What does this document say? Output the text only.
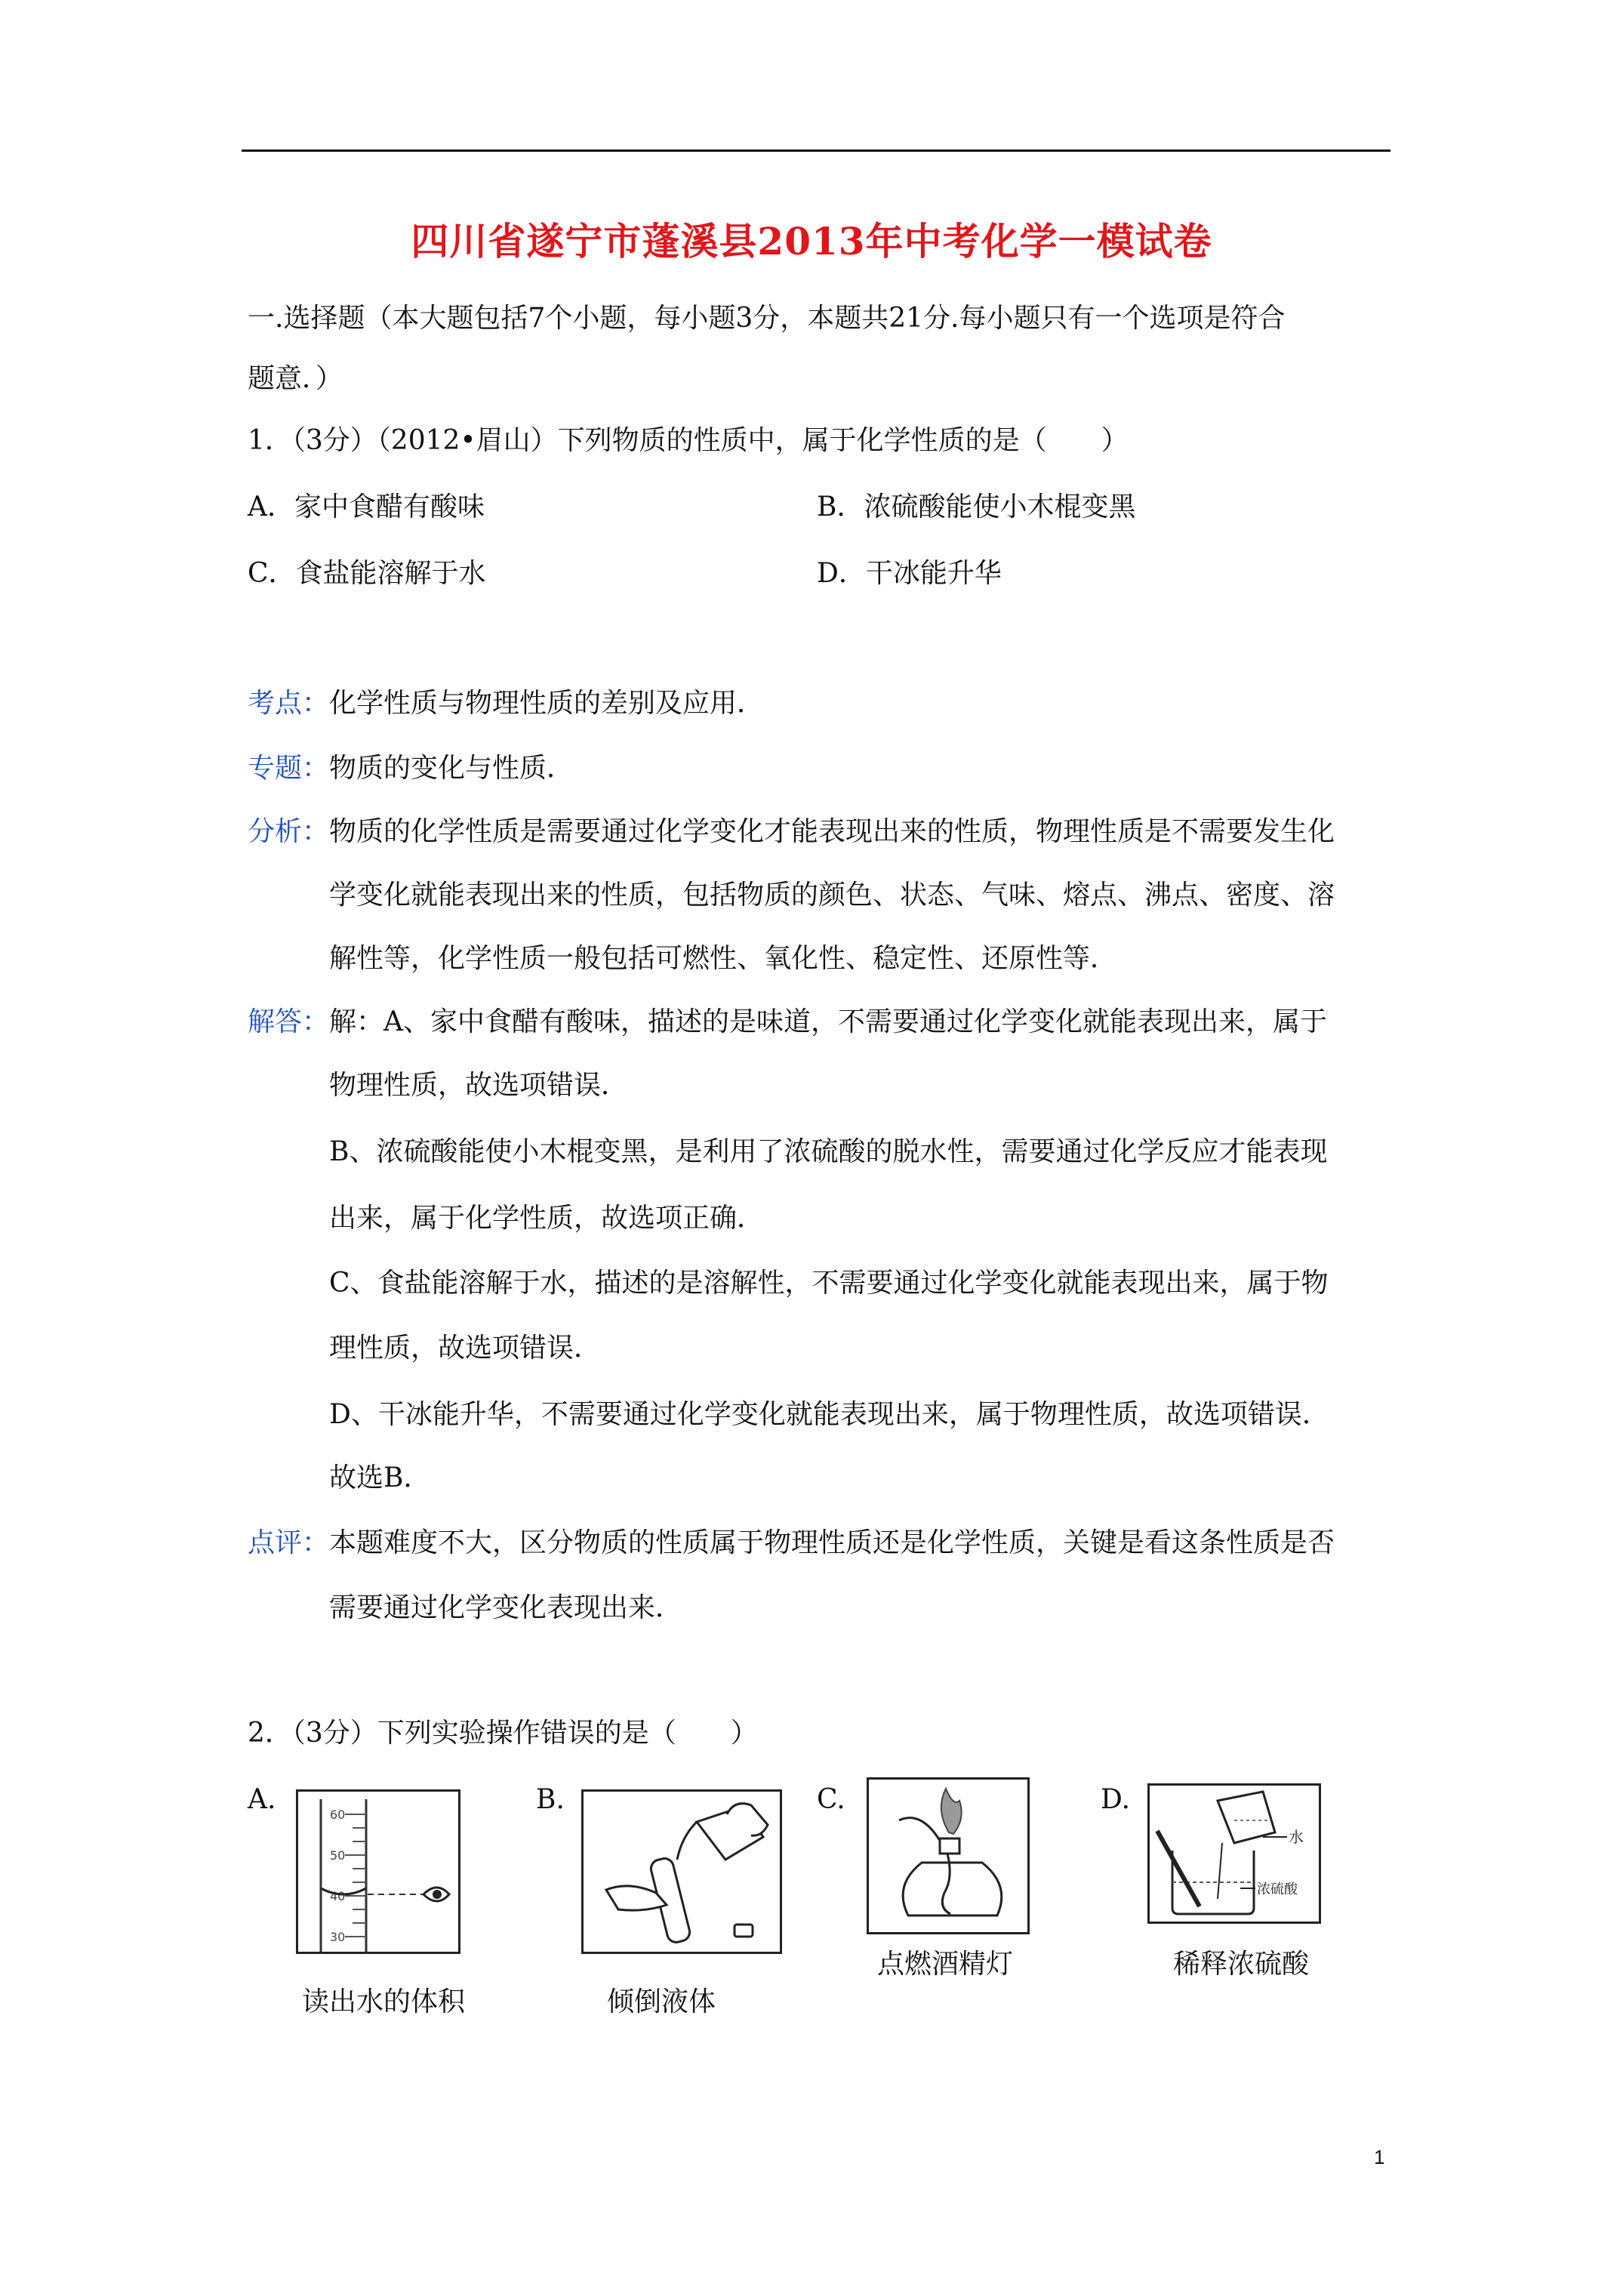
四川省遂宁市蓬溪县2013年中考化学一模试卷
一.选择题（本大题包括7个小题，每小题3分，本题共21分.每小题只有一个选项是符合
题意．）
1．（3分）（2012•眉山）下列物质的性质中，属于化学性质的是（　　）
A．家中食醋有酸味	B．浓硫酸能使小木棍变黑
C．食盐能溶解于水	D．干冰能升华
考点：化学性质与物理性质的差别及应用．
专题：物质的变化与性质．
分析：物质的化学性质是需要通过化学变化才能表现出来的性质，物理性质是不需要发生化
学变化就能表现出来的性质，包括物质的颜色、状态、气味、熔点、沸点、密度、溶
解性等，化学性质一般包括可燃性、氧化性、稳定性、还原性等．
解答：解：A、家中食醋有酸味，描述的是味道，不需要通过化学变化就能表现出来，属于
物理性质，故选项错误．
B、浓硫酸能使小木棍变黑，是利用了浓硫酸的脱水性，需要通过化学反应才能表现
出来，属于化学性质，故选项正确．
C、食盐能溶解于水，描述的是溶解性，不需要通过化学变化就能表现出来，属于物
理性质，故选项错误．
D、干冰能升华，不需要通过化学变化就能表现出来，属于物理性质，故选项错误．
故选B．
点评：本题难度不大，区分物质的性质属于物理性质还是化学性质，关键是看这条性质是否
需要通过化学变化表现出来．
2．（3分）下列实验操作错误的是（　　）
A.	60
50
40
30
读出水的体积
B.
倾倒液体
C.
点燃酒精灯
D.
水
浓硫酸
稀释浓硫酸
1
